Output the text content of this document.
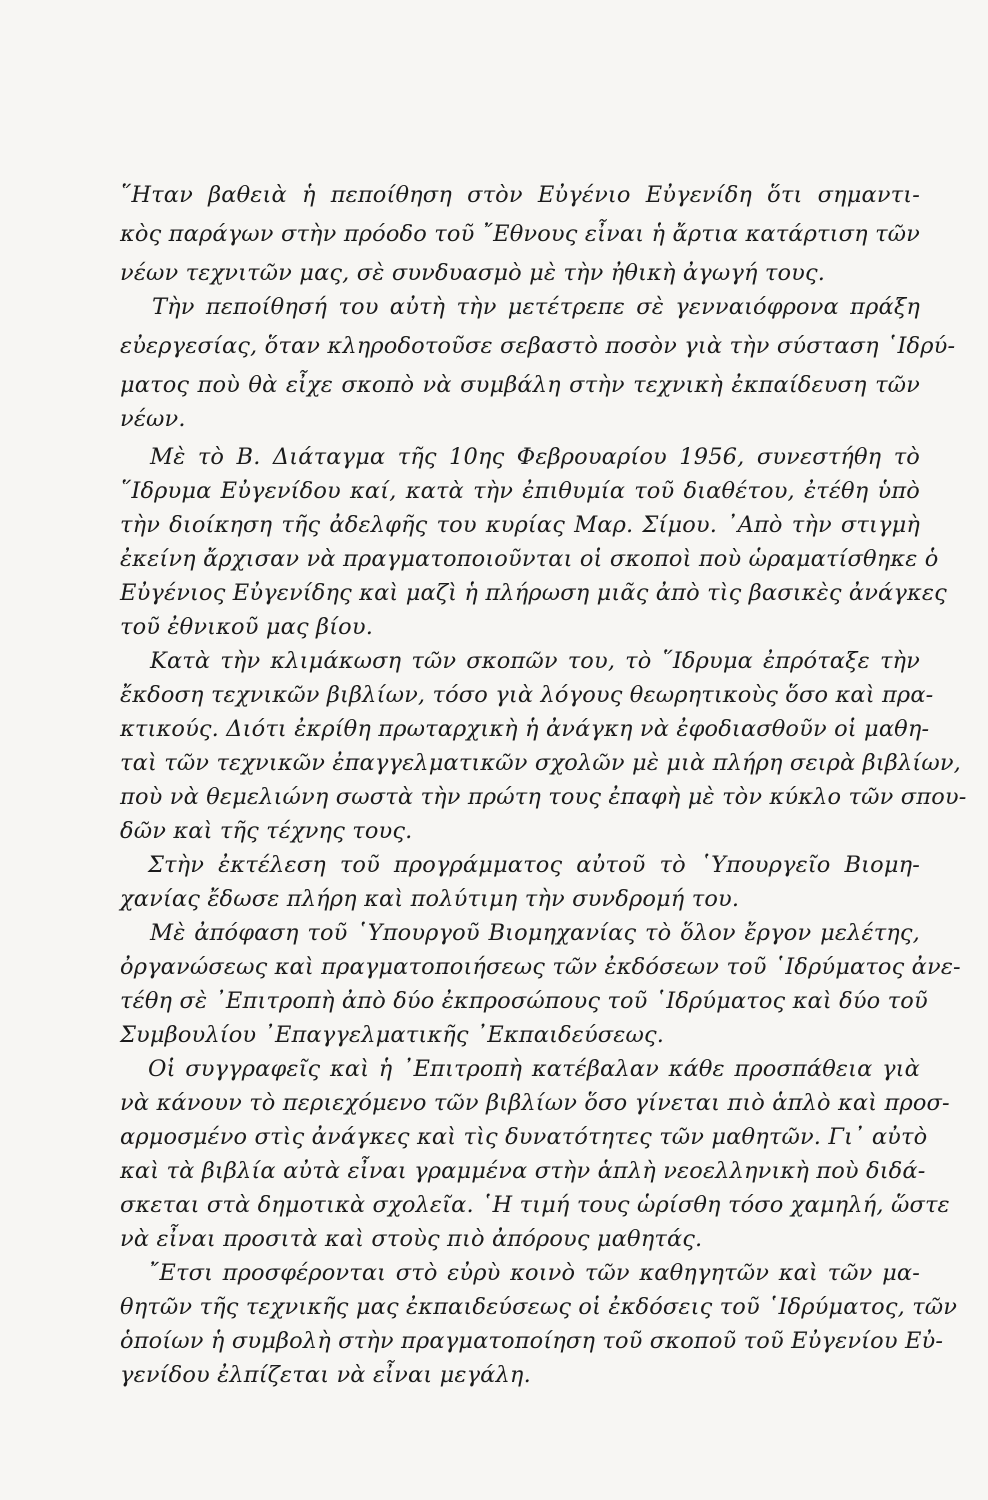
῞Ηταν βαθειὰ ἡ πεποίθηση στὸν Εὐγένιο Εὐγενίδη ὅτι σημαντι-
κὸς παράγων στὴν πρόοδο τοῦ ῎Εθνους εἶναι ἡ ἄρτια κατάρτιση τῶν
νέων τεχνιτῶν μας, σὲ συνδυασμὸ μὲ τὴν ἠθικὴ ἀγωγή τους.
Τὴν πεποίθησή του αὐτὴ τὴν μετέτρεπε σὲ γενναιόφρονα πράξη
εὐεργεσίας, ὅταν κληροδοτοῦσε σεβαστὸ ποσὸν γιὰ τὴν σύσταση ῾Ιδρύ-
ματος ποὺ θὰ εἶχε σκοπὸ νὰ συμβάλη στὴν τεχνικὴ ἐκπαίδευση τῶν
νέων.
Μὲ τὸ Β. Διάταγμα τῆς 10ης Φεβρουαρίου 1956, συνεστήθη τὸ
῞Ιδρυμα Εὐγενίδου καί, κατὰ τὴν ἐπιθυμία τοῦ διαθέτου, ἐτέθη ὑπὸ
τὴν διοίκηση τῆς ἀδελφῆς του κυρίας Μαρ. Σίμου. ᾽Απὸ τὴν στιγμὴ
ἐκείνη ἄρχισαν νὰ πραγματοποιοῦνται οἱ σκοποὶ ποὺ ὡραματίσθηκε ὁ
Εὐγένιος Εὐγενίδης καὶ μαζὶ ἡ πλήρωση μιᾶς ἀπὸ τὶς βασικὲς ἀνάγκες
τοῦ ἐθνικοῦ μας βίου.
Κατὰ τὴν κλιμάκωση τῶν σκοπῶν του, τὸ ῞Ιδρυμα ἐπρόταξε τὴν
ἔκδοση τεχνικῶν βιβλίων, τόσο γιὰ λόγους θεωρητικοὺς ὅσο καὶ πρα-
κτικούς. Διότι ἐκρίθη πρωταρχικὴ ἡ ἀνάγκη νὰ ἐφοδιασθοῦν οἱ μαθη-
ταὶ τῶν τεχνικῶν ἐπαγγελματικῶν σχολῶν μὲ μιὰ πλήρη σειρὰ βιβλίων,
ποὺ νὰ θεμελιώνη σωστὰ τὴν πρώτη τους ἐπαφὴ μὲ τὸν κύκλο τῶν σπου-
δῶν καὶ τῆς τέχνης τους.
Στὴν ἐκτέλεση τοῦ προγράμματος αὐτοῦ τὸ ῾Υπουργεῖο Βιομη-
χανίας ἔδωσε πλήρη καὶ πολύτιμη τὴν συνδρομή του.
Μὲ ἀπόφαση τοῦ ῾Υπουργοῦ Βιομηχανίας τὸ ὅλον ἔργον μελέτης,
ὀργανώσεως καὶ πραγματοποιήσεως τῶν ἐκδόσεων τοῦ ῾Ιδρύματος ἀνε-
τέθη σὲ ᾽Επιτροπὴ ἀπὸ δύο ἐκπροσώπους τοῦ ῾Ιδρύματος καὶ δύο τοῦ
Συμβουλίου ᾽Επαγγελματικῆς ᾽Εκπαιδεύσεως.
Οἱ συγγραφεῖς καὶ ἡ ᾽Επιτροπὴ κατέβαλαν κάθε προσπάθεια γιὰ
νὰ κάνουν τὸ περιεχόμενο τῶν βιβλίων ὅσο γίνεται πιὸ ἁπλὸ καὶ προσ-
αρμοσμένο στὶς ἀνάγκες καὶ τὶς δυνατότητες τῶν μαθητῶν. Γι᾽ αὐτὸ
καὶ τὰ βιβλία αὐτὰ εἶναι γραμμένα στὴν ἁπλὴ νεοελληνικὴ ποὺ διδά-
σκεται στὰ δημοτικὰ σχολεῖα. ῾Η τιμή τους ὡρίσθη τόσο χαμηλή, ὥστε
νὰ εἶναι προσιτὰ καὶ στοὺς πιὸ ἀπόρους μαθητάς.
῎Ετσι προσφέρονται στὸ εὐρὺ κοινὸ τῶν καθηγητῶν καὶ τῶν μα-
θητῶν τῆς τεχνικῆς μας ἐκπαιδεύσεως οἱ ἐκδόσεις τοῦ ῾Ιδρύματος, τῶν
ὁποίων ἡ συμβολὴ στὴν πραγματοποίηση τοῦ σκοποῦ τοῦ Εὐγενίου Εὐ-
γενίδου ἐλπίζεται νὰ εἶναι μεγάλη.
